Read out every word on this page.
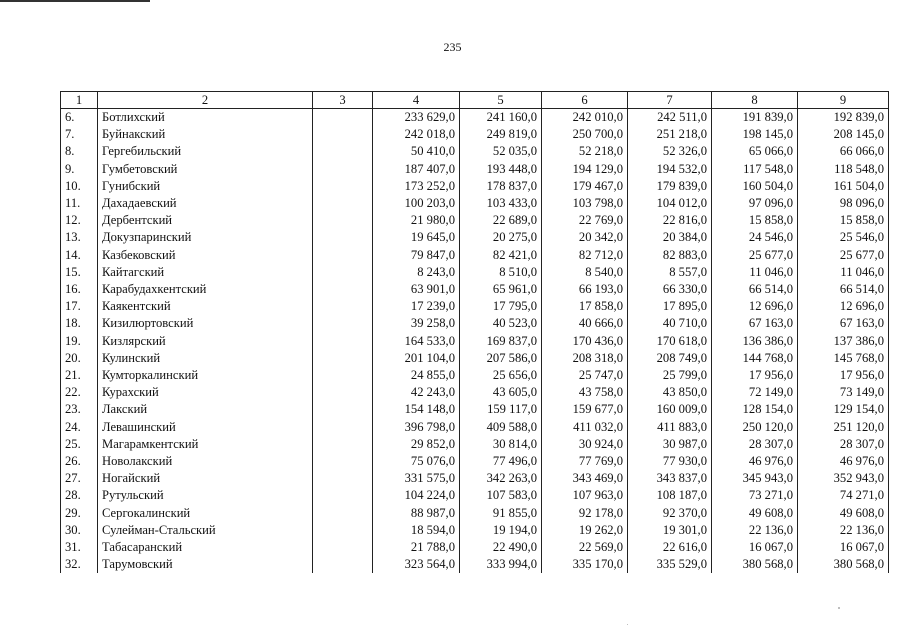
235
1	2	3	4	5	6	7	8	9
6.	Ботлихский		233 629,0	241 160,0	242 010,0	242 511,0	191 839,0	192 839,0
7.	Буйнакский		242 018,0	249 819,0	250 700,0	251 218,0	198 145,0	208 145,0
8.	Гергебильский		50 410,0	52 035,0	52 218,0	52 326,0	65 066,0	66 066,0
9.	Гумбетовский		187 407,0	193 448,0	194 129,0	194 532,0	117 548,0	118 548,0
10.	Гунибский		173 252,0	178 837,0	179 467,0	179 839,0	160 504,0	161 504,0
11.	Дахадаевский		100 203,0	103 433,0	103 798,0	104 012,0	97 096,0	98 096,0
12.	Дербентский		21 980,0	22 689,0	22 769,0	22 816,0	15 858,0	15 858,0
13.	Докузпаринский		19 645,0	20 275,0	20 342,0	20 384,0	24 546,0	25 546,0
14.	Казбековский		79 847,0	82 421,0	82 712,0	82 883,0	25 677,0	25 677,0
15.	Кайтагский		8 243,0	8 510,0	8 540,0	8 557,0	11 046,0	11 046,0
16.	Карабудахкентский		63 901,0	65 961,0	66 193,0	66 330,0	66 514,0	66 514,0
17.	Каякентский		17 239,0	17 795,0	17 858,0	17 895,0	12 696,0	12 696,0
18.	Кизилюртовский		39 258,0	40 523,0	40 666,0	40 710,0	67 163,0	67 163,0
19.	Кизлярский		164 533,0	169 837,0	170 436,0	170 618,0	136 386,0	137 386,0
20.	Кулинский		201 104,0	207 586,0	208 318,0	208 749,0	144 768,0	145 768,0
21.	Кумторкалинский		24 855,0	25 656,0	25 747,0	25 799,0	17 956,0	17 956,0
22.	Курахский		42 243,0	43 605,0	43 758,0	43 850,0	72 149,0	73 149,0
23.	Лакский		154 148,0	159 117,0	159 677,0	160 009,0	128 154,0	129 154,0
24.	Левашинский		396 798,0	409 588,0	411 032,0	411 883,0	250 120,0	251 120,0
25.	Магарамкентский		29 852,0	30 814,0	30 924,0	30 987,0	28 307,0	28 307,0
26.	Новолакский		75 076,0	77 496,0	77 769,0	77 930,0	46 976,0	46 976,0
27.	Ногайский		331 575,0	342 263,0	343 469,0	343 837,0	345 943,0	352 943,0
28.	Рутульский		104 224,0	107 583,0	107 963,0	108 187,0	73 271,0	74 271,0
29.	Сергокалинский		88 987,0	91 855,0	92 178,0	92 370,0	49 608,0	49 608,0
30.	Сулейман-Стальский		18 594,0	19 194,0	19 262,0	19 301,0	22 136,0	22 136,0
31.	Табасаранский		21 788,0	22 490,0	22 569,0	22 616,0	16 067,0	16 067,0
32.	Тарумовский		323 564,0	333 994,0	335 170,0	335 529,0	380 568,0	380 568,0
